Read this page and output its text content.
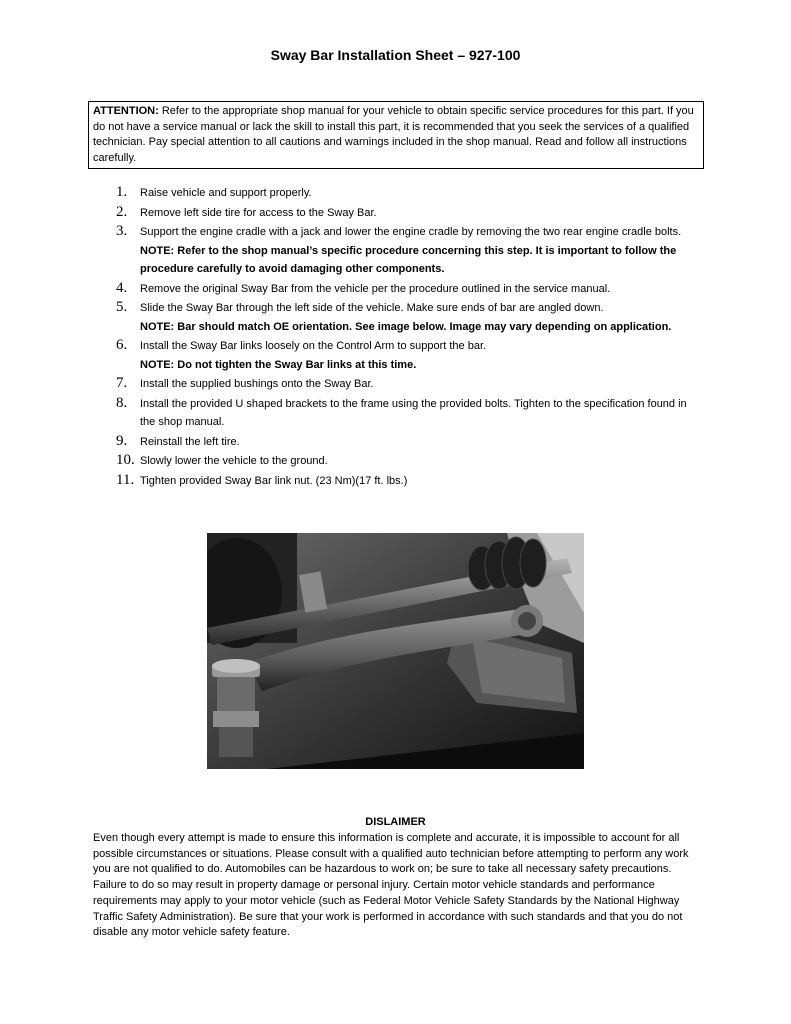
Sway Bar Installation Sheet – 927-100
ATTENTION: Refer to the appropriate shop manual for your vehicle to obtain specific service procedures for this part. If you do not have a service manual or lack the skill to install this part, it is recommended that you seek the services of a qualified technician. Pay special attention to all cautions and warnings included in the shop manual. Read and follow all instructions carefully.
1. Raise vehicle and support properly.
2. Remove left side tire for access to the Sway Bar.
3. Support the engine cradle with a jack and lower the engine cradle by removing the two rear engine cradle bolts.
NOTE: Refer to the shop manual’s specific procedure concerning this step. It is important to follow the procedure carefully to avoid damaging other components.
4. Remove the original Sway Bar from the vehicle per the procedure outlined in the service manual.
5. Slide the Sway Bar through the left side of the vehicle. Make sure ends of bar are angled down.
NOTE: Bar should match OE orientation. See image below. Image may vary depending on application.
6. Install the Sway Bar links loosely on the Control Arm to support the bar.
NOTE: Do not tighten the Sway Bar links at this time.
7. Install the supplied bushings onto the Sway Bar.
8. Install the provided U shaped brackets to the frame using the provided bolts. Tighten to the specification found in the shop manual.
9. Reinstall the left tire.
10. Slowly lower the vehicle to the ground.
11. Tighten provided Sway Bar link nut. (23 Nm)(17 ft. lbs.)
DISLAIMER
Even though every attempt is made to ensure this information is complete and accurate, it is impossible to account for all possible circumstances or situations. Please consult with a qualified auto technician before attempting to perform any work you are not qualified to do. Automobiles can be hazardous to work on; be sure to take all necessary safety precautions. Failure to do so may result in property damage or personal injury. Certain motor vehicle standards and performance requirements may apply to your motor vehicle (such as Federal Motor Vehicle Safety Standards by the National Highway Traffic Safety Administration). Be sure that your work is performed in accordance with such standards and that you do not disable any motor vehicle safety feature.
